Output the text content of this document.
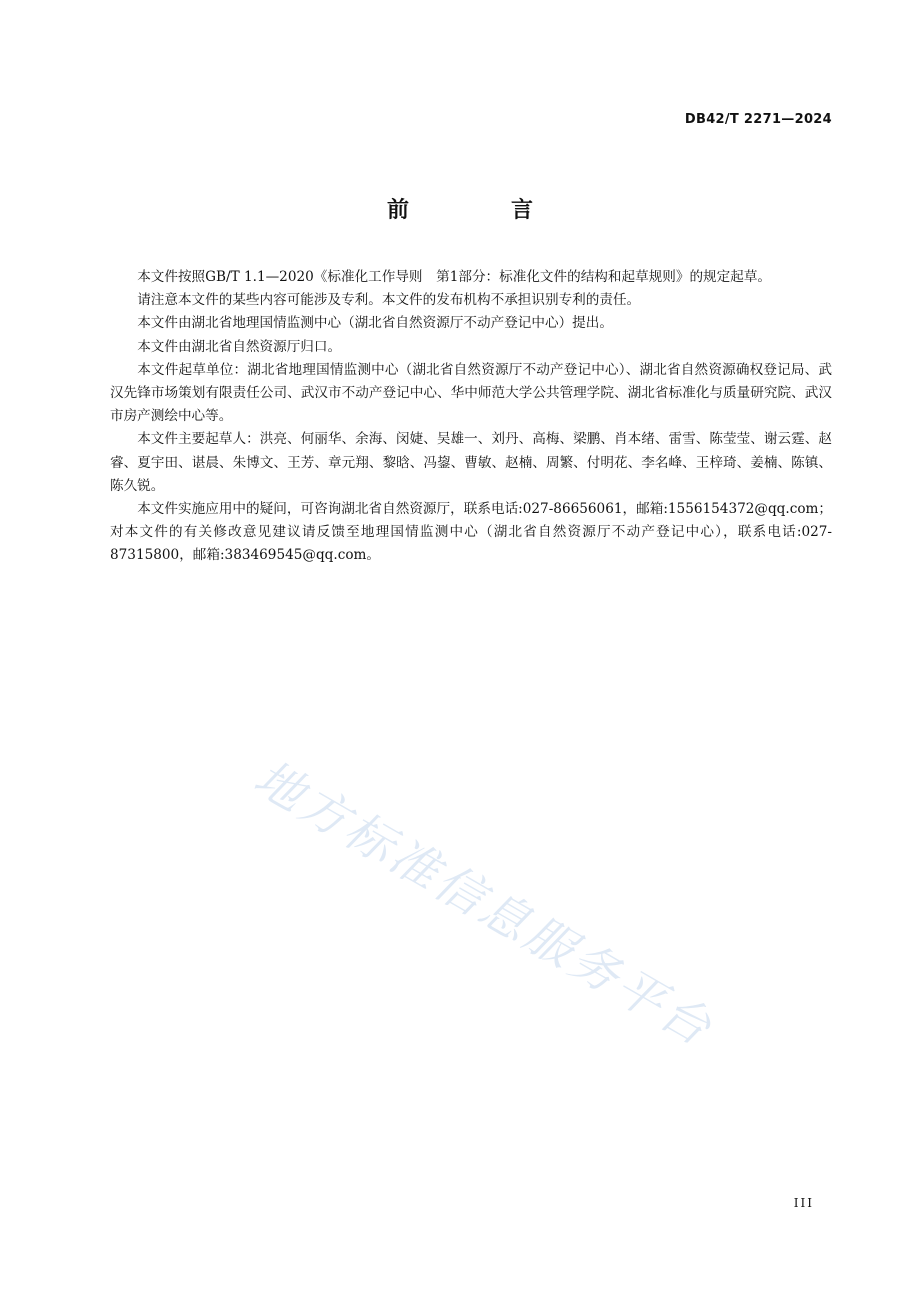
DB42/T 2271—2024
前　言

本文件按照GB/T 1.1—2020《标准化工作导则　第1部分：标准化文件的结构和起草规则》的规定起草。

请注意本文件的某些内容可能涉及专利。本文件的发布机构不承担识别专利的责任。

本文件由湖北省地理国情监测中心（湖北省自然资源厅不动产登记中心）提出。

本文件由湖北省自然资源厅归口。

本文件起草单位：湖北省地理国情监测中心（湖北省自然资源厅不动产登记中心）、湖北省自然资源确权登记局、武汉先锋市场策划有限责任公司、武汉市不动产登记中心、华中师范大学公共管理学院、湖北省标准化与质量研究院、武汉市房产测绘中心等。

本文件主要起草人：洪亮、何丽华、余海、闵婕、吴雄一、刘丹、高梅、梁鹏、肖本绪、雷雪、陈莹莹、谢云霆、赵睿、夏宇田、谌晨、朱博文、王芳、章元翔、黎晗、冯鋆、曹敏、赵楠、周繁、付明花、李名峰、王梓琦、姜楠、陈镇、陈久锐。

本文件实施应用中的疑问，可咨询湖北省自然资源厅，联系电话:027-86656061，邮箱:1556154372@qq.com；对本文件的有关修改意见建议请反馈至地理国情监测中心（湖北省自然资源厅不动产登记中心），联系电话:027-87315800，邮箱:383469545@qq.com。

地方标准信息服务平台
III
